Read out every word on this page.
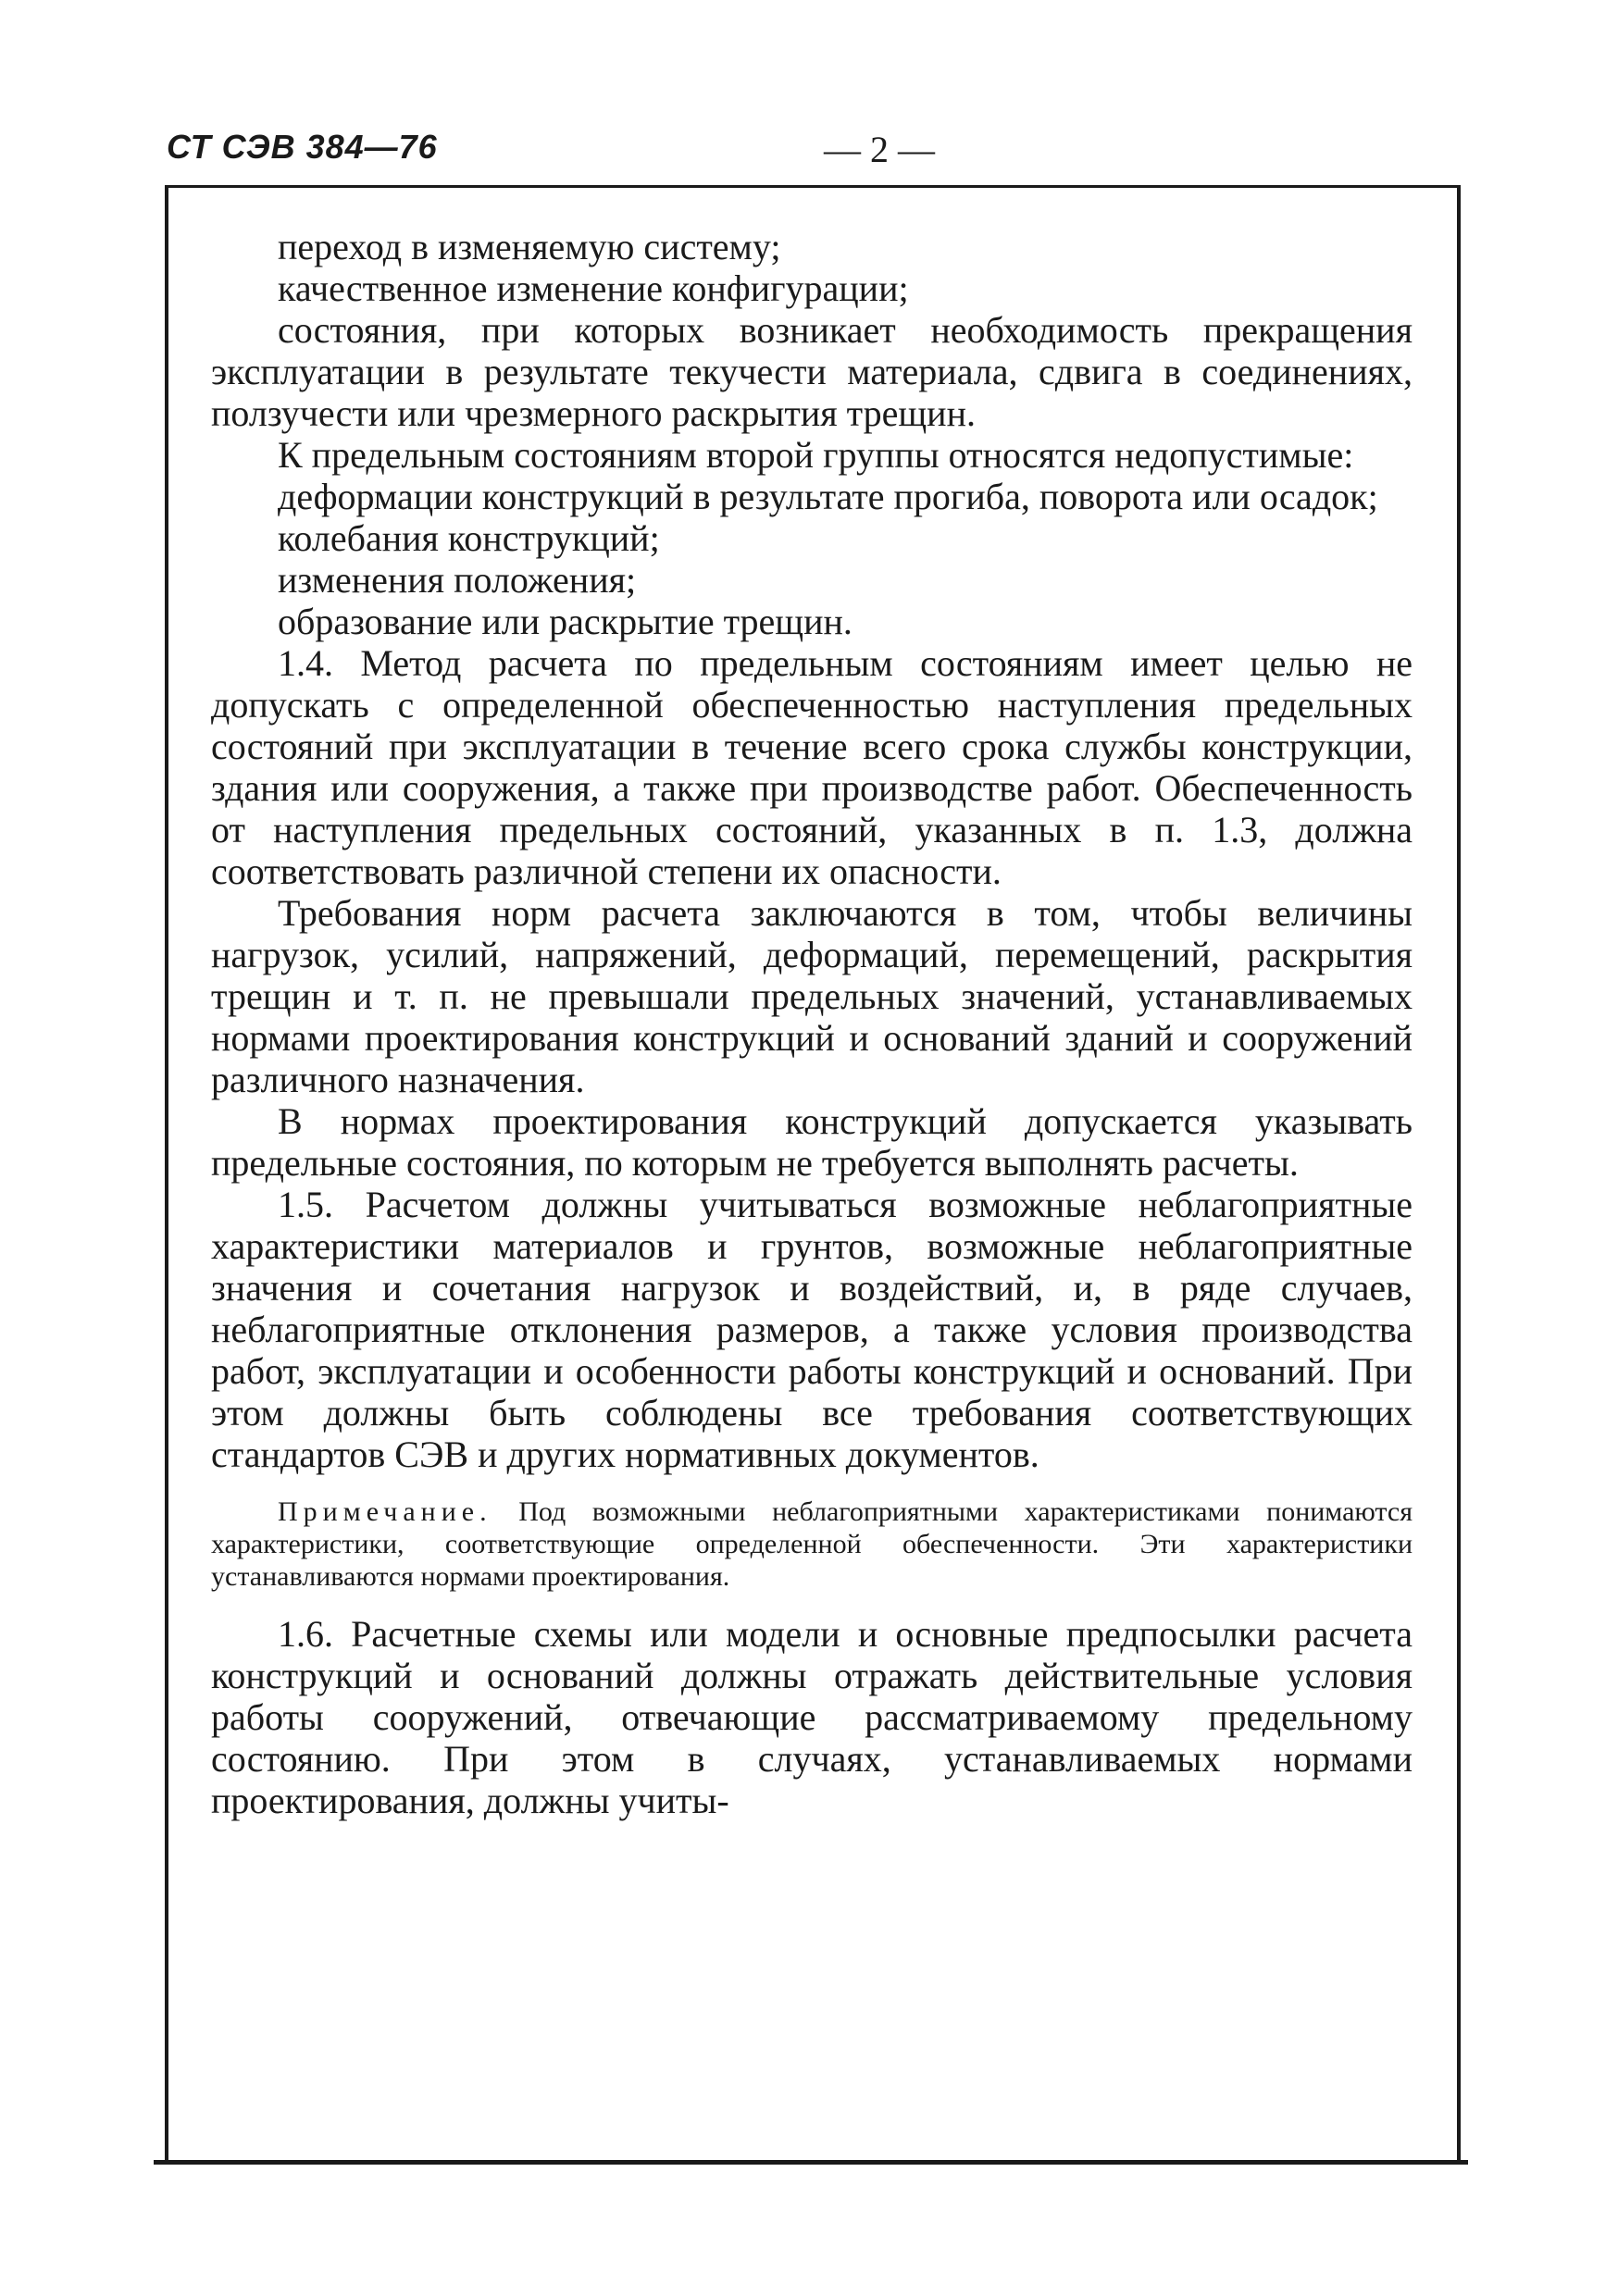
СТ СЭВ 384—76	— 2 —

переход в изменяемую систему;

качественное изменение конфигурации;

состояния, при которых возникает необходимость прекращения эксплуатации в результате текучести материала, сдвига в соединениях, ползучести или чрезмерного раскрытия трещин.

К предельным состояниям второй группы относятся недопустимые:

деформации конструкций в результате прогиба, поворота или осадок;

колебания конструкций;

изменения положения;

образование или раскрытие трещин.

1.4. Метод расчета по предельным состояниям имеет целью не допускать с определенной обеспеченностью наступления предельных состояний при эксплуатации в течение всего срока службы конструкции, здания или сооружения, а также при производстве работ. Обеспеченность от наступления предельных состояний, указанных в п. 1.3, должна соответствовать различной степени их опасности.

Требования норм расчета заключаются в том, чтобы величины нагрузок, усилий, напряжений, деформаций, перемещений, раскрытия трещин и т. п. не превышали предельных значений, устанавливаемых нормами проектирования конструкций и оснований зданий и сооружений различного назначения.

В нормах проектирования конструкций допускается указывать предельные состояния, по которым не требуется выполнять расчеты.

1.5. Расчетом должны учитываться возможные неблагоприятные характеристики материалов и грунтов, возможные неблагоприятные значения и сочетания нагрузок и воздействий, и, в ряде случаев, неблагоприятные отклонения размеров, а также условия производства работ, эксплуатации и особенности работы конструкций и оснований. При этом должны быть соблюдены все требования соответствующих стандартов СЭВ и других нормативных документов.

Примечание. Под возможными неблагоприятными характеристиками понимаются характеристики, соответствующие определенной обеспеченности. Эти характеристики устанавливаются нормами проектирования.

1.6. Расчетные схемы или модели и основные предпосылки расчета конструкций и оснований должны отражать действительные условия работы сооружений, отвечающие рассматриваемому предельному состоянию. При этом в случаях, устанавливаемых нормами проектирования, должны учиты-
